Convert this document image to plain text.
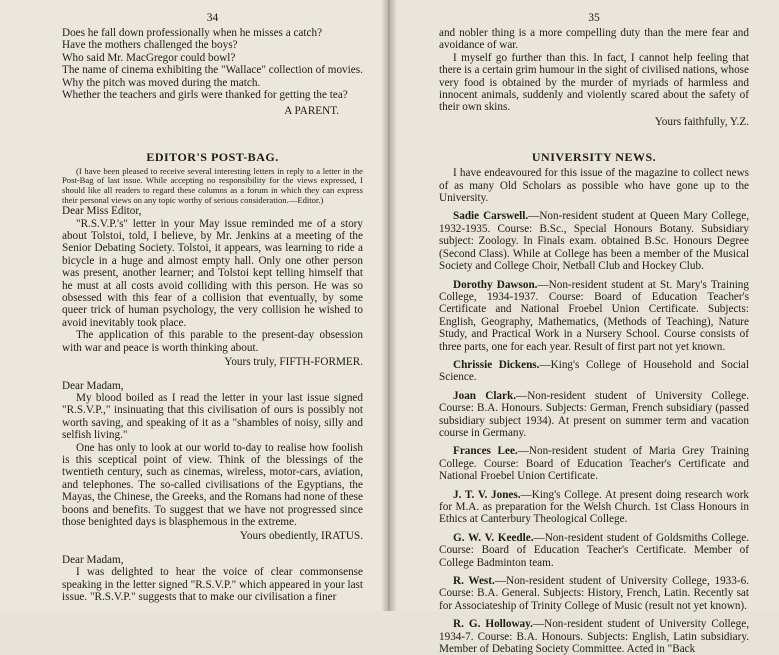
34

Does he fall down professionally when he misses a catch?

Have the mothers challenged the boys?

Who said Mr. MacGregor could bowl?

The name of cinema exhibiting the "Wallace" collection of movies.

Why the pitch was moved during the match.

Whether the teachers and girls were thanked for getting the tea?

A PARENT.

EDITOR'S POST-BAG.

(I have been pleased to receive several interesting letters in reply to a letter in the Post-Bag of last issue. While accepting no responsibility for the views expressed, I should like all readers to regard these columns as a forum in which they can express their personal views on any topic worthy of serious consideration.—Editor.)

Dear Miss Editor,

"R.S.V.P.'s" letter in your May issue reminded me of a story about Tolstoi, told, I believe, by Mr. Jenkins at a meeting of the Senior Debating Society. Tolstoi, it appears, was learning to ride a bicycle in a huge and almost empty hall. Only one other person was present, another learner; and Tolstoi kept telling himself that he must at all costs avoid colliding with this person. He was so obsessed with this fear of a collision that eventually, by some queer trick of human psychology, the very collision he wished to avoid inevitably took place.

The application of this parable to the present-day obsession with war and peace is worth thinking about.

Yours truly, FIFTH-FORMER.

Dear Madam,

My blood boiled as I read the letter in your last issue signed "R.S.V.P.," insinuating that this civilisation of ours is possibly not worth saving, and speaking of it as a "shambles of noisy, silly and selfish living."

One has only to look at our world to-day to realise how foolish is this sceptical point of view. Think of the blessings of the twentieth century, such as cinemas, wireless, motor-cars, aviation, and telephones. The so-called civilisations of the Egyptians, the Mayas, the Chinese, the Greeks, and the Romans had none of these boons and benefits. To suggest that we have not progressed since those benighted days is blasphemous in the extreme.

Yours obediently, IRATUS.

Dear Madam,

I was delighted to hear the voice of clear commonsense speaking in the letter signed "R.S.V.P." which appeared in your last issue. "R.S.V.P." suggests that to make our civilisation a finer

35

and nobler thing is a more compelling duty than the mere fear and avoidance of war.

I myself go further than this. In fact, I cannot help feeling that there is a certain grim humour in the sight of civilised nations, whose very food is obtained by the murder of myriads of harmless and innocent animals, suddenly and violently scared about the safety of their own skins.

Yours faithfully, Y.Z.

UNIVERSITY NEWS.

I have endeavoured for this issue of the magazine to collect news of as many Old Scholars as possible who have gone up to the University.

Sadie Carswell.—Non-resident student at Queen Mary College, 1932-1935. Course: B.Sc., Special Honours Botany. Subsidiary subject: Zoology. In Finals exam. obtained B.Sc. Honours Degree (Second Class). While at College has been a member of the Musical Society and College Choir, Netball Club and Hockey Club.

Dorothy Dawson.—Non-resident student at St. Mary's Training College, 1934-1937. Course: Board of Education Teacher's Certificate and National Froebel Union Certificate. Subjects: English, Geography, Mathematics, (Methods of Teaching), Nature Study, and Practical Work in a Nursery School. Course consists of three parts, one for each year. Result of first part not yet known.

Chrissie Dickens.—King's College of Household and Social Science.

Joan Clark.—Non-resident student of University College. Course: B.A. Honours. Subjects: German, French subsidiary (passed subsidiary subject 1934). At present on summer term and vacation course in Germany.

Frances Lee.—Non-resident student of Maria Grey Training College. Course: Board of Education Teacher's Certificate and National Froebel Union Certificate.

J. T. V. Jones.—King's College. At present doing research work for M.A. as preparation for the Welsh Church. 1st Class Honours in Ethics at Canterbury Theological College.

G. W. V. Keedle.—Non-resident student of Goldsmiths College. Course: Board of Education Teacher's Certificate. Member of College Badminton team.

R. West.—Non-resident student of University College, 1933-6. Course: B.A. General. Subjects: History, French, Latin. Recently sat for Associateship of Trinity College of Music (result not yet known).

R. G. Holloway.—Non-resident student of University College, 1934-7. Course: B.A. Honours. Subjects: English, Latin subsidiary. Member of Debating Society Committee. Acted in "Back
